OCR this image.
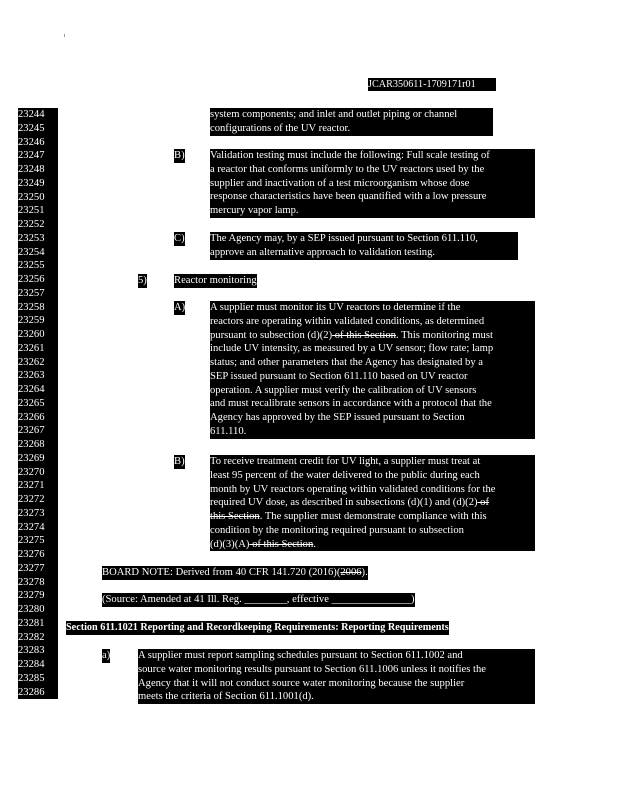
JCAR350611-1709171r01
23244
23245
23246
23247
23248
23249
23250
23251
23252
23253
23254
23255
23256
23257
23258
23259
23260
23261
23262
23263
23264
23265
23266
23267
23268
23269
23270
23271
23272
23273
23274
23275
23276
23277
23278
23279
23280
23281
23282
23283
23284
23285
23286
system components; and inlet and outlet piping or channel
configurations of the UV reactor.
B) Validation testing must include the following: Full scale testing of
a reactor that conforms uniformly to the UV reactors used by the
supplier and inactivation of a test microorganism whose dose
response characteristics have been quantified with a low pressure
mercury vapor lamp.
C) The Agency may, by a SEP issued pursuant to Section 611.110,
approve an alternative approach to validation testing.
5)	Reactor monitoring
A) A supplier must monitor its UV reactors to determine if the
reactors are operating within validated conditions, as determined
pursuant to subsection (d)(2) of this Section. This monitoring must
include UV intensity, as measured by a UV sensor; flow rate; lamp
status; and other parameters that the Agency has designated by a
SEP issued pursuant to Section 611.110 based on UV reactor
operation. A supplier must verify the calibration of UV sensors
and must recalibrate sensors in accordance with a protocol that the
Agency has approved by the SEP issued pursuant to Section
611.110.
B) To receive treatment credit for UV light, a supplier must treat at
least 95 percent of the water delivered to the public during each
month by UV reactors operating within validated conditions for the
required UV dose, as described in subsections (d)(1) and (d)(2) of
this Section. The supplier must demonstrate compliance with this
condition by the monitoring required pursuant to subsection
(d)(3)(A) of this Section.
BOARD NOTE: Derived from 40 CFR 141.720 (2016)(2006).
(Source: Amended at 41 Ill. Reg. ________, effective _______________)
Section 611.1021 Reporting and Recordkeeping Requirements: Reporting Requirements
a)	A supplier must report sampling schedules pursuant to Section 611.1002 and
source water monitoring results pursuant to Section 611.1006 unless it notifies the
Agency that it will not conduct source water monitoring because the supplier
meets the criteria of Section 611.1001(d).
